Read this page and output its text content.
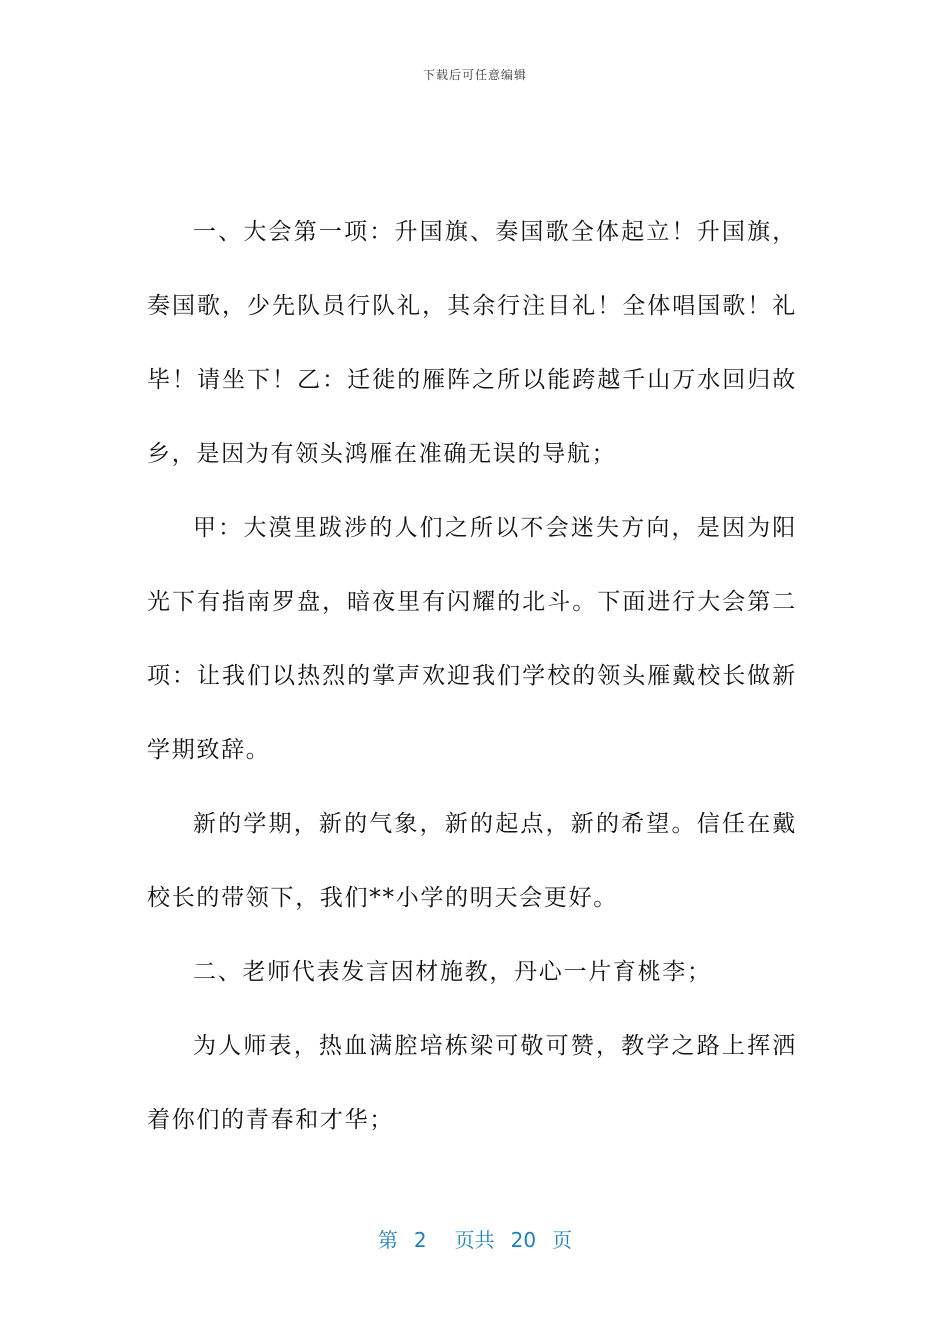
下载后可任意编辑

一、大会第一项：升国旗、奏国歌全体起立！升国旗，奏国歌，少先队员行队礼，其余行注目礼！全体唱国歌！礼毕！请坐下！乙：迁徙的雁阵之所以能跨越千山万水回归故乡，是因为有领头鸿雁在准确无误的导航；

甲：大漠里跋涉的人们之所以不会迷失方向，是因为阳光下有指南罗盘，暗夜里有闪耀的北斗。下面进行大会第二项：让我们以热烈的掌声欢迎我们学校的领头雁戴校长做新学期致辞。

新的学期，新的气象，新的起点，新的希望。信任在戴校长的带领下，我们**小学的明天会更好。

二、老师代表发言因材施教，丹心一片育桃李；

为人师表，热血满腔培栋梁可敬可赞，教学之路上挥洒着你们的青春和才华；

第 2 页共 20 页
